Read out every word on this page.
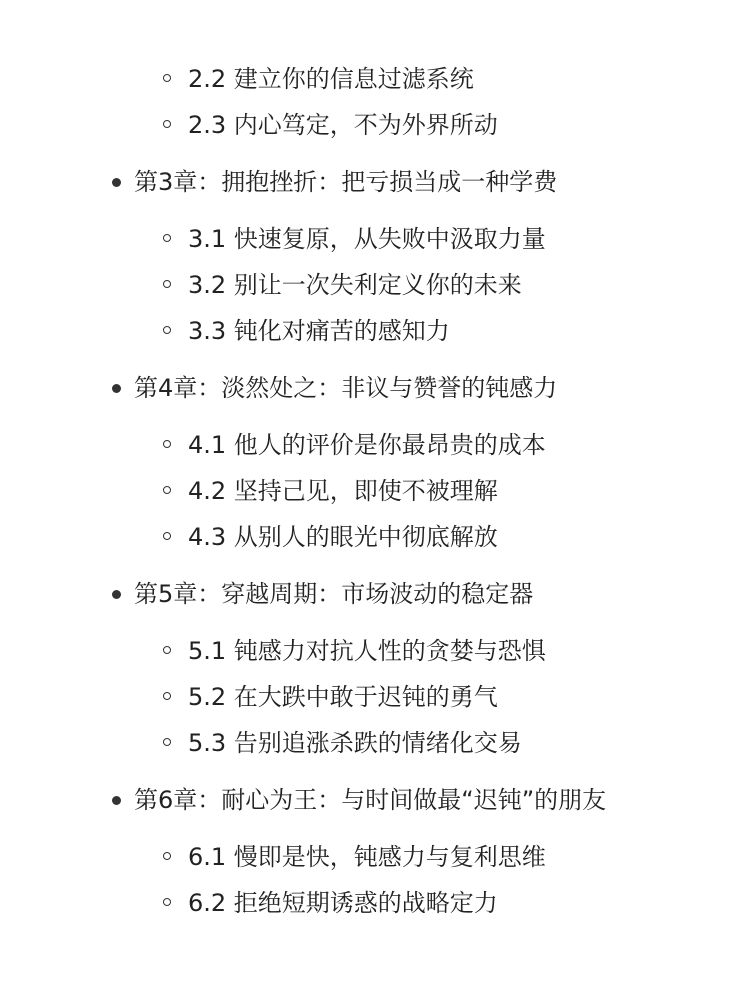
2.2 建立你的信息过滤系统
2.3 内心笃定，不为外界所动
第3章：拥抱挫折：把亏损当成一种学费
3.1 快速复原，从失败中汲取力量
3.2 别让一次失利定义你的未来
3.3 钝化对痛苦的感知力
第4章：淡然处之：非议与赞誉的钝感力
4.1 他人的评价是你最昂贵的成本
4.2 坚持己见，即使不被理解
4.3 从别人的眼光中彻底解放
第5章：穿越周期：市场波动的稳定器
5.1 钝感力对抗人性的贪婪与恐惧
5.2 在大跌中敢于迟钝的勇气
5.3 告别追涨杀跌的情绪化交易
第6章：耐心为王：与时间做最“迟钝”的朋友
6.1 慢即是快，钝感力与复利思维
6.2 拒绝短期诱惑的战略定力
